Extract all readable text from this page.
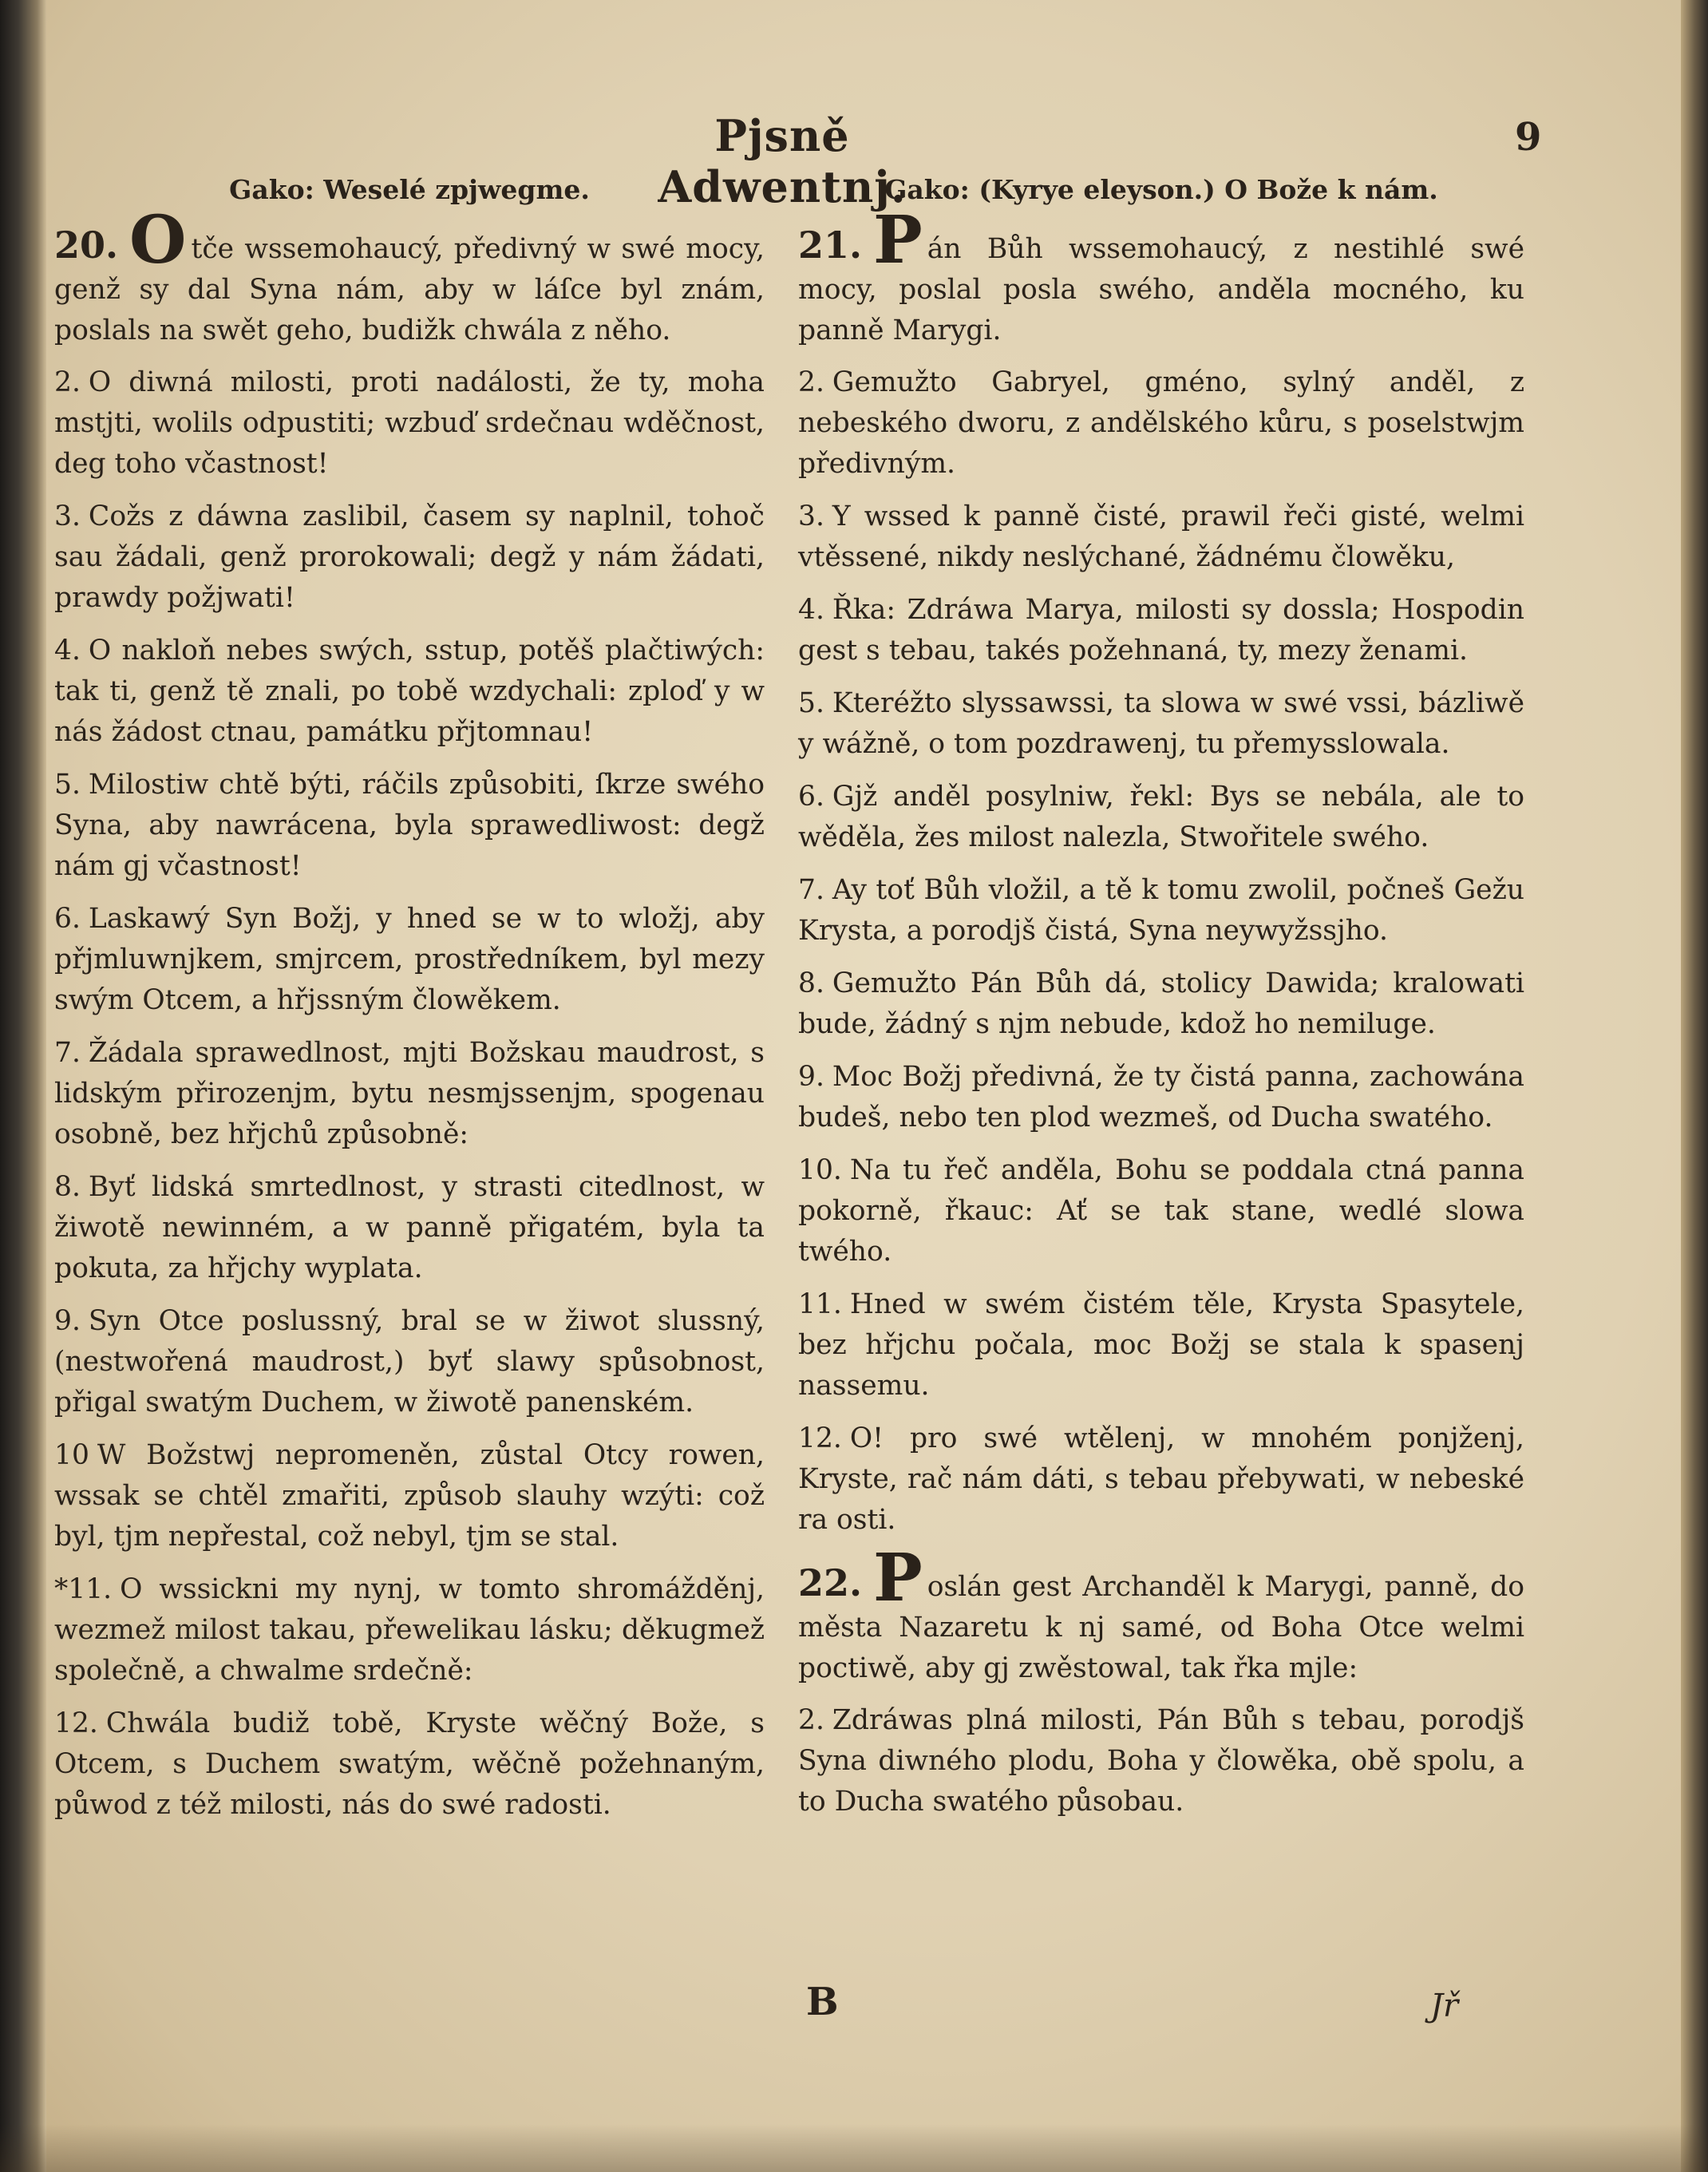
Pjsně Adwentnj.
9
Gako: Weselé zpjwegme.

20. O tče wssemohaucý, předivný w swé mocy, genž sy dal Syna nám, aby w láſce byl znám, poslals na swět geho, budižk chwála z něho.

2. O diwná milosti, proti nadálosti, že ty, moha mstjti, wolils odpustiti; wzbuď srdečnau wděčnost, deg toho včastnost!

3. Cožs z dáwna zaslibil, časem sy naplnil, tohoč sau žádali, genž prorokowali; degž y nám žádati, prawdy požjwati!

4. O nakloň nebes swých, sstup, potěš plačtiwých: tak ti, genž tě znali, po tobě wzdychali: zploď y w nás žádost ctnau, památku přjtomnau!

5. Milostiw chtě býti, ráčils způsobiti, ſkrze swého Syna, aby nawrácena, byla sprawedliwost: degž nám gj včastnost!

6. Laskawý Syn Božj, y hned se w to wložj, aby přjmluwnjkem, smjrcem, prostředníkem, byl mezy swým Otcem, a hřjssným člowěkem.

7. Žádala sprawedlnost, mjti Božskau maudrost, s lidským přirozenjm, bytu nesmjssenjm, spogenau osobně, bez hřjchů způsobně:

8. Byť lidská smrtedlnost, y strasti citedlnost, w žiwotě newinném, a w panně přigatém, byla ta pokuta, za hřjchy wyplata.

9. Syn Otce poslussný, bral se w žiwot slussný, (nestwořená maudrost,) byť slawy spůsobnost, přigal swatým Duchem, w žiwotě panenském.

10 W Božstwj nepromeněn, zůstal Otcy rowen, wssak se chtěl zmařiti, způsob slauhy wzýti: což byl, tjm nepřestal, což nebyl, tjm se stal.

*11. O wssickni my nynj, w tomto shromážděnj, wezmež milost takau, přewelikau lásku; děkugmež společně, a chwalme srdečně:

12. Chwála budiž tobě, Kryste wěčný Bože, s Otcem, s Duchem swatým, wěčně požehnaným, půwod z též milosti, nás do swé radosti.

Gako: (Kyrye eleyson.) O Bože k nám.

21. P án Bůh wssemohaucý, z nestihlé swé mocy, poslal posla swého, anděla mocného, ku panně Marygi.

2. Gemužto Gabryel, gméno, sylný anděl, z nebeského dworu, z andělského kůru, s poselstwjm předivným.

3. Y wssed k panně čisté, prawil řeči gisté, welmi vtěssené, nikdy neslýchané, žádnému člowěku,

4. Řka: Zdráwa Marya, milosti sy dossla; Hospodin gest s tebau, takés požehnaná, ty, mezy ženami.

5. Kteréžto slyssawssi, ta slowa w swé vssi, bázliwě y wážně, o tom pozdrawenj, tu přemysslowala.

6. Gjž anděl posylniw, řekl: Bys se nebála, ale to wěděla, žes milost nalezla, Stwořitele swého.

7. Ay toť Bůh vložil, a tě k tomu zwolil, počneš Gežu Krysta, a porodjš čistá, Syna neywyžssjho.

8. Gemužto Pán Bůh dá, stolicy Dawida; kralowati bude, žádný s njm nebude, kdož ho nemiluge.

9. Moc Božj předivná, že ty čistá panna, zachowána budeš, nebo ten plod wezmeš, od Ducha swatého.

10. Na tu řeč anděla, Bohu se poddala ctná panna pokorně, řkauc: Ať se tak stane, wedlé slowa twého.

11. Hned w swém čistém těle, Krysta Spasytele, bez hřjchu počala, moc Božj se stala k spasenj nassemu.

12. O! pro swé wtělenj, w mnohém ponjženj, Kryste, rač nám dáti, s tebau přebywati, w nebeské ra osti.

22. P oslán gest Archanděl k Marygi, panně, do města Nazaretu k nj samé, od Boha Otce welmi poctiwě, aby gj zwěstowal, tak řka mjle:

2. Zdráwas plná milosti, Pán Bůh s tebau, porodjš Syna diwného plodu, Boha y člowěka, obě spolu, a to Ducha swatého působau.

B	Jř
